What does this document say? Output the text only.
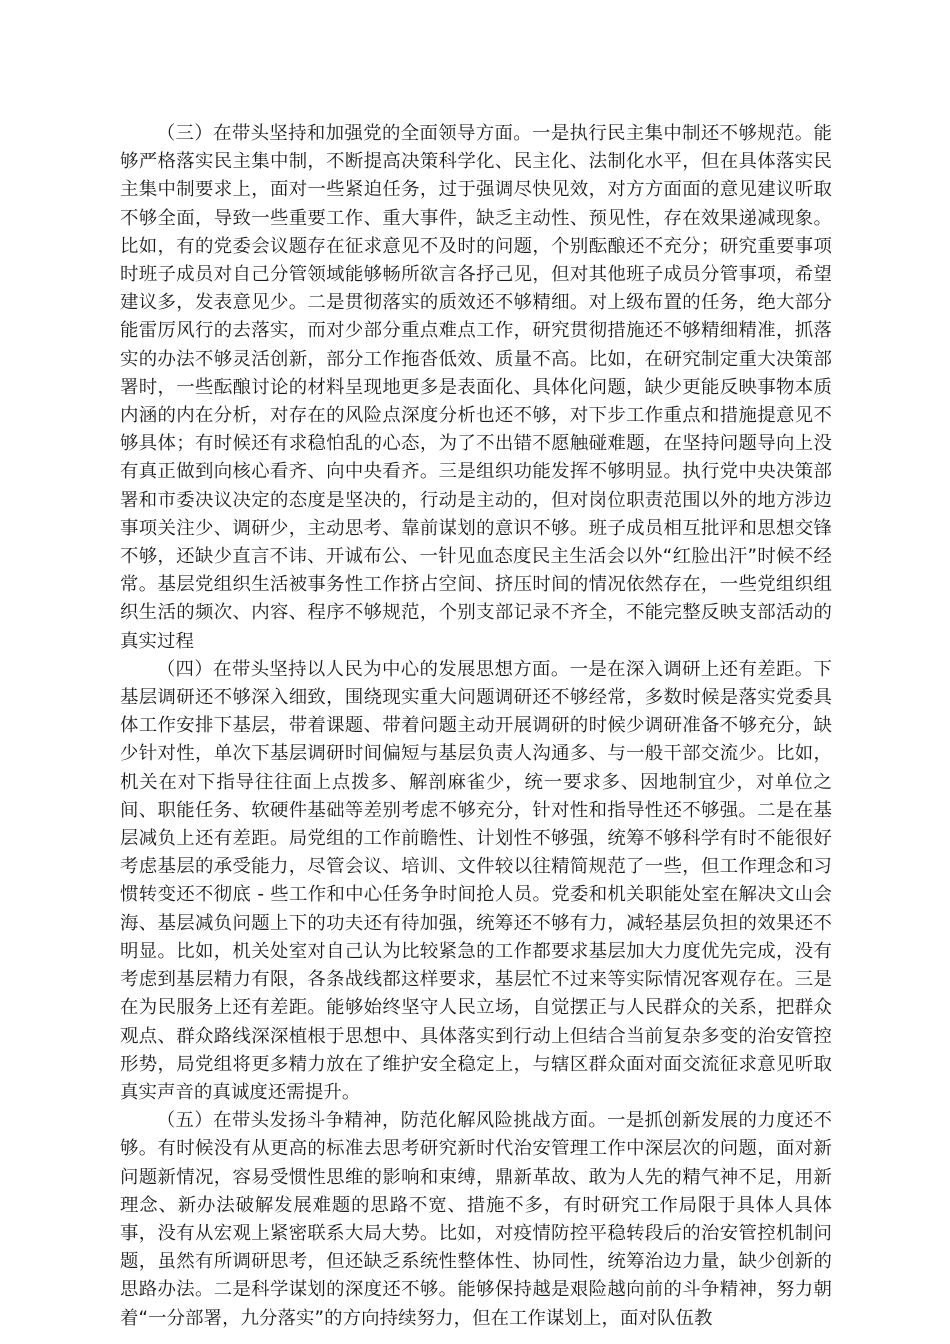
（三）在带头坚持和加强党的全面领导方面。一是执行民主集中制还不够规范。能够严格落实民主集中制，不断提高决策科学化、民主化、法制化水平，但在具体落实民主集中制要求上，面对一些紧迫任务，过于强调尽快见效，对方方面面的意见建议听取不够全面，导致一些重要工作、重大事件，缺乏主动性、预见性，存在效果递减现象。比如，有的党委会议题存在征求意见不及时的问题，个别酝酿还不充分；研究重要事项时班子成员对自己分管领域能够畅所欲言各抒己见，但对其他班子成员分管事项，希望建议多，发表意见少。二是贯彻落实的质效还不够精细。对上级布置的任务，绝大部分能雷厉风行的去落实，而对少部分重点难点工作，研究贯彻措施还不够精细精准，抓落实的办法不够灵活创新，部分工作拖沓低效、质量不高。比如，在研究制定重大决策部署时，一些酝酿讨论的材料呈现地更多是表面化、具体化问题，缺少更能反映事物本质内涵的内在分析，对存在的风险点深度分析也还不够，对下步工作重点和措施提意见不够具体；有时候还有求稳怕乱的心态，为了不出错不愿触碰难题，在坚持问题导向上没有真正做到向核心看齐、向中央看齐。三是组织功能发挥不够明显。执行党中央决策部署和市委决议决定的态度是坚决的，行动是主动的，但对岗位职责范围以外的地方涉边事项关注少、调研少，主动思考、靠前谋划的意识不够。班子成员相互批评和思想交锋不够，还缺少直言不讳、开诚布公、一针见血态度民主生活会以外“红脸出汗”时候不经常。基层党组织生活被事务性工作挤占空间、挤压时间的情况依然存在，一些党组织组织生活的频次、内容、程序不够规范，个别支部记录不齐全，不能完整反映支部活动的真实过程

（四）在带头坚持以人民为中心的发展思想方面。一是在深入调研上还有差距。下基层调研还不够深入细致，围绕现实重大问题调研还不够经常，多数时候是落实党委具体工作安排下基层，带着课题、带着问题主动开展调研的时候少调研准备不够充分，缺少针对性，单次下基层调研时间偏短与基层负责人沟通多、与一般干部交流少。比如，机关在对下指导往往面上点拨多、解剖麻雀少，统一要求多、因地制宜少，对单位之间、职能任务、软硬件基础等差别考虑不够充分，针对性和指导性还不够强。二是在基层减负上还有差距。局党组的工作前瞻性、计划性不够强，统筹不够科学有时不能很好考虑基层的承受能力，尽管会议、培训、文件较以往精简规范了一些，但工作理念和习惯转变还不彻底 - 些工作和中心任务争时间抢人员。党委和机关职能处室在解决文山会海、基层减负问题上下的功夫还有待加强，统筹还不够有力，减轻基层负担的效果还不明显。比如，机关处室对自己认为比较紧急的工作都要求基层加大力度优先完成，没有考虑到基层精力有限，各条战线都这样要求，基层忙不过来等实际情况客观存在。三是在为民服务上还有差距。能够始终坚守人民立场，自觉摆正与人民群众的关系，把群众观点、群众路线深深植根于思想中、具体落实到行动上但结合当前复杂多变的治安管控形势，局党组将更多精力放在了维护安全稳定上，与辖区群众面对面交流征求意见听取真实声音的真诚度还需提升。

（五）在带头发扬斗争精神，防范化解风险挑战方面。一是抓创新发展的力度还不够。有时候没有从更高的标准去思考研究新时代治安管理工作中深层次的问题，面对新问题新情况，容易受惯性思维的影响和束缚，鼎新革故、敢为人先的精气神不足，用新理念、新办法破解发展难题的思路不宽、措施不多，有时研究工作局限于具体人具体事，没有从宏观上紧密联系大局大势。比如，对疫情防控平稳转段后的治安管控机制问题，虽然有所调研思考，但还缺乏系统性整体性、协同性，统筹治边力量，缺少创新的思路办法。二是科学谋划的深度还不够。能够保持越是艰险越向前的斗争精神，努力朝着“一分部署，九分落实”的方向持续努力，但在工作谋划上，面对队伍教
